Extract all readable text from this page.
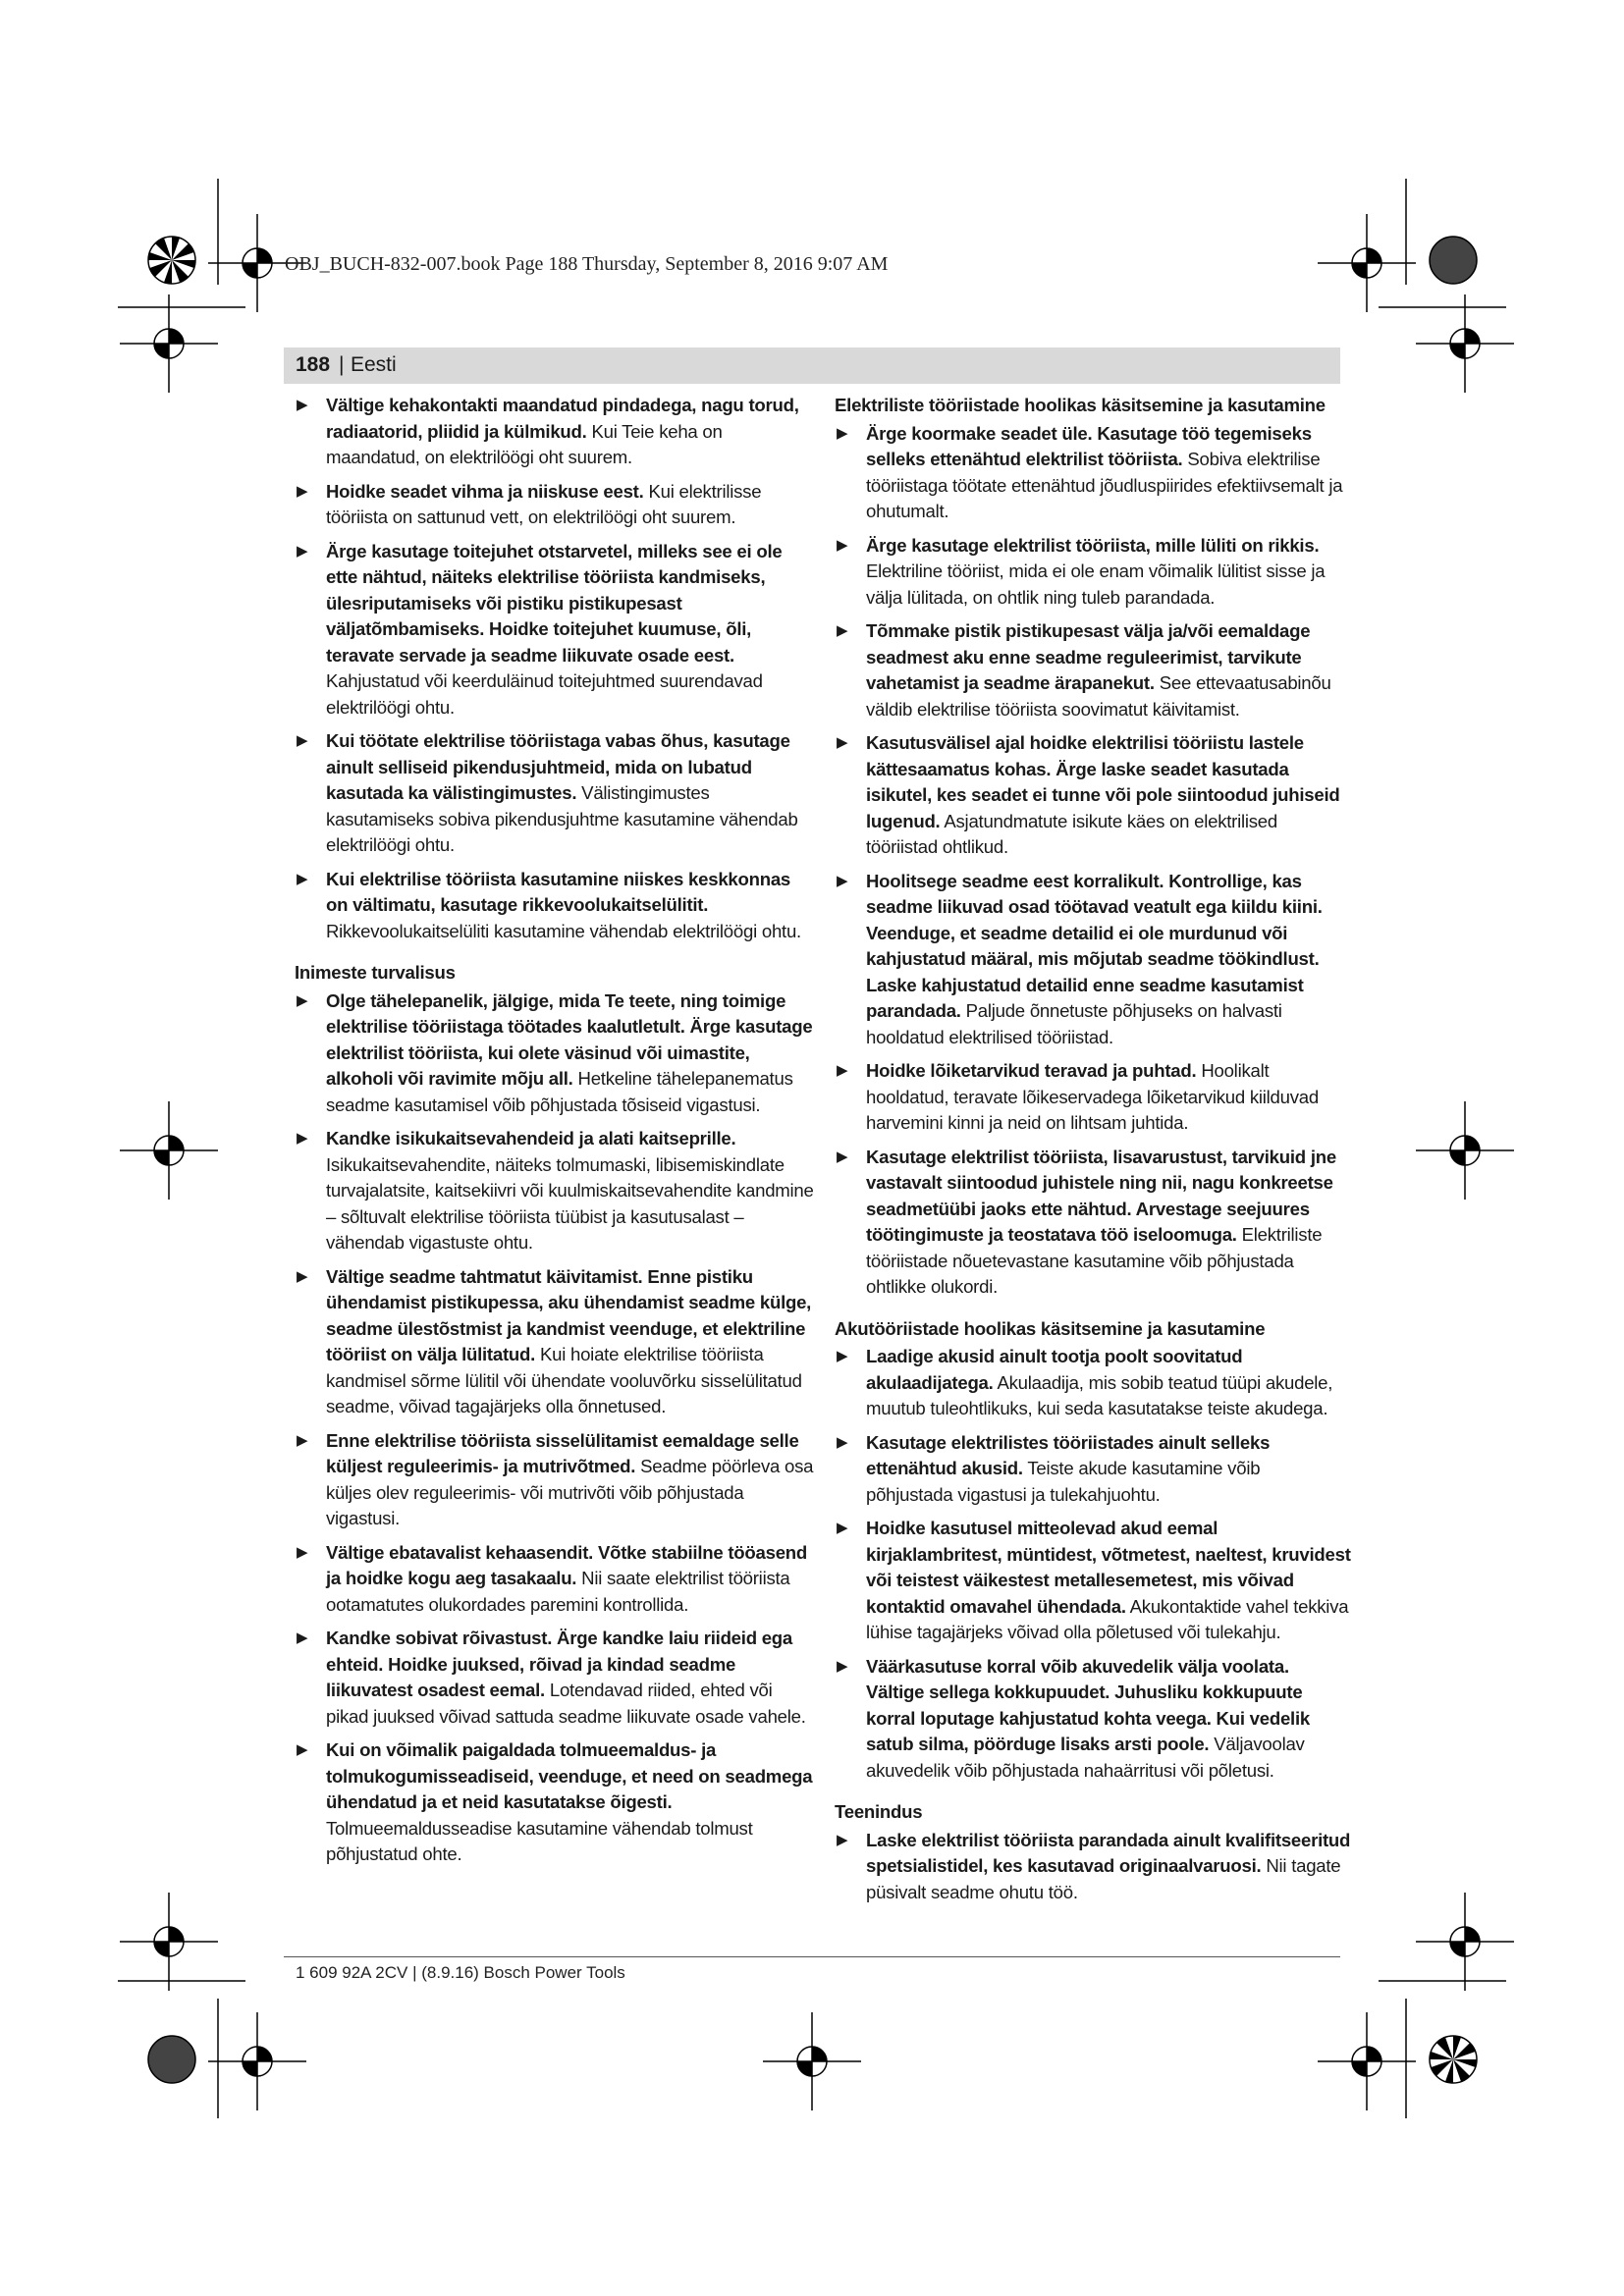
OBJ_BUCH-832-007.book Page 188 Thursday, September 8, 2016 9:07 AM
188 | Eesti
▶ Vältige kehakontakti maandatud pindadega, nagu torud, radiaatorid, pliidid ja külmikud. Kui Teie keha on maandatud, on elektrilöögi oht suurem.
▶ Hoidke seadet vihma ja niiskuse eest. Kui elektrilisse tööriista on sattunud vett, on elektrilöögi oht suurem.
▶ Ärge kasutage toitejuhet otstarvetel, milleks see ei ole ette nähtud, näiteks elektrilise tööriista kandmiseks, ülesriputamiseks või pistiku pistikupesast väljatõmbamiseks. Hoidke toitejuhet kuumuse, õli, teravate servade ja seadme liikuvate osade eest. Kahjustatud või keerduläinud toitejuhtmed suurendavad elektrilöögi ohtu.
▶ Kui töötate elektrilise tööriistaga vabas õhus, kasutage ainult selliseid pikendusjuhtmeid, mida on lubatud kasutada ka välistingimustes. Välistingimustes kasutamiseks sobiva pikendusjuhtme kasutamine vähendab elektrilöögi ohtu.
▶ Kui elektrilise tööriista kasutamine niiskes keskkonnas on vältimatu, kasutage rikkevoolukaitselülitit. Rikkevoolukaitselüliti kasutamine vähendab elektrilöögi ohtu.
Inimeste turvalisus
▶ Olge tähelepanelik, jälgige, mida Te teete, ning toimige elektrilise tööriistaga töötades kaalutletult. Ärge kasutage elektrilist tööriista, kui olete väsinud või uimastite, alkoholi või ravimite mõju all. Hetkeline tähelepanematus seadme kasutamisel võib põhjustada tõsiseid vigastusi.
▶ Kandke isikukaitsevahendeid ja alati kaitseprille. Isikukaitsevahendite, näiteks tolmumaski, libisemiskindlate turvajalatsite, kaitsekiivri või kuulmiskaitsevahendite kandmine – sõltuvalt elektrilise tööriista tüübist ja kasutusalast – vähendab vigastuste ohtu.
▶ Vältige seadme tahtmatut käivitamist. Enne pistiku ühendamist pistikupessa, aku ühendamist seadme külge, seadme ülestõstmist ja kandmist veenduge, et elektriline tööriist on välja lülitatud. Kui hoiate elektrilise tööriista kandmisel sõrme lülitil või ühendate vooluvõrku sisselülitatud seadme, võivad tagajärjeks olla õnnetused.
▶ Enne elektrilise tööriista sisselülitamist eemaldage selle küljest reguleerimis- ja mutrivõtmed. Seadme pöörleva osa küljes olev reguleerimis- või mutrivõti võib põhjustada vigastusi.
▶ Vältige ebatavalist kehaasendit. Võtke stabiilne tööasend ja hoidke kogu aeg tasakaalu. Nii saate elektrilist tööriista ootamatutes olukordades paremini kontrollida.
▶ Kandke sobivat rõivastust. Ärge kandke laiu riideid ega ehteid. Hoidke juuksed, rõivad ja kindad seadme liikuvatest osadest eemal. Lotendavad riided, ehted või pikad juuksed võivad sattuda seadme liikuvate osade vahele.
▶ Kui on võimalik paigaldada tolmueemaldus- ja tolmukogumisseadiseid, veenduge, et need on seadmega ühendatud ja et neid kasutatakse õigesti. Tolmueemaldusseadise kasutamine vähendab tolmust põhjustatud ohte.
Elektriliste tööriistade hoolikas käsitsemine ja kasutamine
▶ Ärge koormake seadet üle. Kasutage töö tegemiseks selleks ettenähtud elektrilist tööriista. Sobiva elektrilise tööriistaga töötate ettenähtud jõudluspiirides efektiivsemalt ja ohutumalt.
▶ Ärge kasutage elektrilist tööriista, mille lüliti on rikkis. Elektriline tööriist, mida ei ole enam võimalik lülitist sisse ja välja lülitada, on ohtlik ning tuleb parandada.
▶ Tõmmake pistik pistikupesast välja ja/või eemaldage seadmest aku enne seadme reguleerimist, tarvikute vahetamist ja seadme ärapanekut. See ettevaatusabinõu väldib elektrilise tööriista soovimatut käivitamist.
▶ Kasutusvälisel ajal hoidke elektrilisi tööriistu lastele kättesaamatus kohas. Ärge laske seadet kasutada isikutel, kes seadet ei tunne või pole siintoodud juhiseid lugenud. Asjatundmatute isikute käes on elektrilised tööriistad ohtlikud.
▶ Hoolitsege seadme eest korralikult. Kontrollige, kas seadme liikuvad osad töötavad veatult ega kiildu kiini. Veenduge, et seadme detailid ei ole murdunud või kahjustatud määral, mis mõjutab seadme töökindlust. Laske kahjustatud detailid enne seadme kasutamist parandada. Paljude õnnetuste põhjuseks on halvasti hooldatud elektrilised tööriistad.
▶ Hoidke lõiketarvikud teravad ja puhtad. Hoolikalt hooldatud, teravate lõikeservadega lõiketarvikud kiilduvad harvemini kinni ja neid on lihtsam juhtida.
▶ Kasutage elektrilist tööriista, lisavarustust, tarvikuid jne vastavalt siintoodud juhistele ning nii, nagu konkreetse seadmetüübi jaoks ette nähtud. Arvestage seejuures töötingimuste ja teostatava töö iseloomuga. Elektriliste tööriistade nõuetevastane kasutamine võib põhjustada ohtlikke olukordi.
Akutööriistade hoolikas käsitsemine ja kasutamine
▶ Laadige akusid ainult tootja poolt soovitatud akulaadijatega. Akulaadija, mis sobib teatud tüüpi akudele, muutub tuleohtlikuks, kui seda kasutatakse teiste akudega.
▶ Kasutage elektrilistes tööriistades ainult selleks ettenähtud akusid. Teiste akude kasutamine võib põhjustada vigastusi ja tulekahjuohtu.
▶ Hoidke kasutusel mitteolevad akud eemal kirjaklambritest, müntidest, võtmetest, naeltest, kruvidest või teistest väikestest metallesemetest, mis võivad kontaktid omavahel ühendada. Akukontaktide vahel tekkiva lühise tagajärjeks võivad olla põletused või tulekahju.
▶ Väärkasutuse korral võib akuvedelik välja voolata. Vältige sellega kokkupuudet. Juhusliku kokkupuute korral loputage kahjustatud kohta veega. Kui vedelik satub silma, pöörduge lisaks arsti poole. Väljavoolav akuvedelik võib põhjustada nahaärritusi või põletusi.
Teenindus
▶ Laske elektrilist tööriista parandada ainult kvalifitseeritud spetsialistidel, kes kasutavad originaalvaruosi. Nii tagate püsivalt seadme ohutu töö.
1 609 92A 2CV | (8.9.16) Bosch Power Tools
